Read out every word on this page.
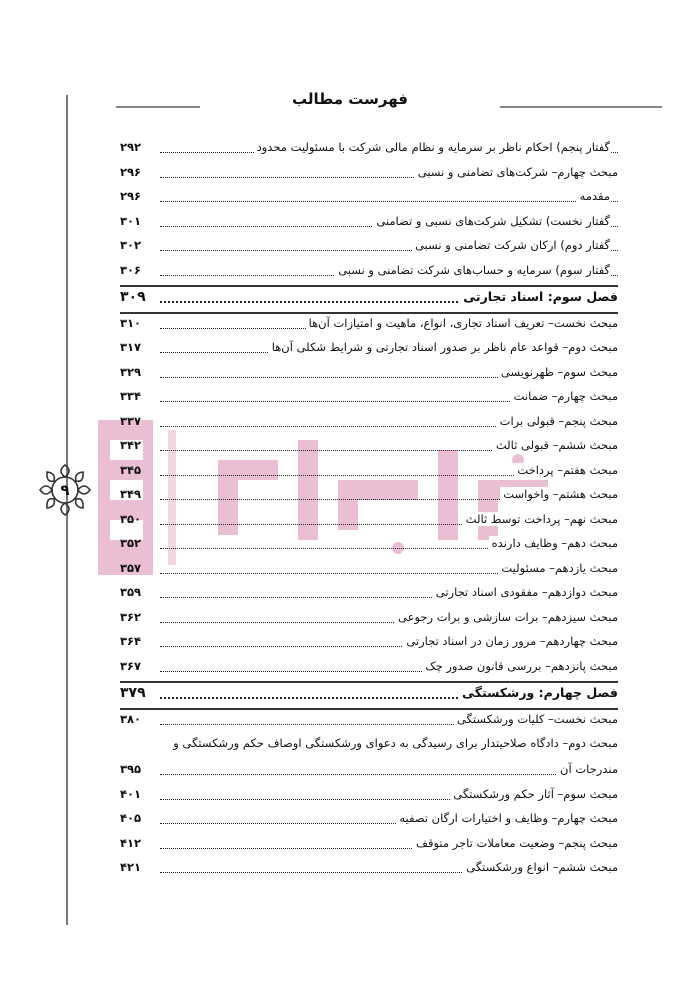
فهرست مطالب
۹
گفتار پنجم) احکام ناظر بر سرمایه و نظام مالی شرکت با مسئولیت محدود
۲۹۲
مبحث چهارم– شرکت‌های تضامنی و نسبی
۲۹۶
مقدمه
۲۹۶
گفتار نخست) تشکیل شرکت‌های نسبی و تضامنی
۳۰۱
گفتار دوم) ارکان شرکت تضامنی و نسبی
۳۰۲
گفتار سوم) سرمایه و حساب‌های شرکت تضامنی و نسبی
۳۰۶
فصل سوم: اسناد تجارتی
۳۰۹
مبحث نخست– تعریف اسناد تجاری، انواع، ماهیت و امتیازات آن‌ها
۳۱۰
مبحث دوم– قواعد عام ناظر بر صدور اسناد تجارتی و شرایط شکلی آن‌ها
۳۱۷
مبحث سوم– ظهرنویسی
۳۲۹
مبحث چهارم– ضمانت
۳۳۴
مبحث پنجم– قبولی برات
۳۳۷
مبحث ششم– قبولی ثالث
۳۴۲
مبحث هفتم– پرداخت
۳۴۵
مبحث هشتم– واخواست
۳۴۹
مبحث نهم– پرداخت توسط ثالث
۳۵۰
مبحث دهم– وظایف دارنده
۳۵۲
مبحث یازدهم– مسئولیت
۳۵۷
مبحث دوازدهم– مفقودی اسناد تجارتی
۳۵۹
مبحث سیزدهم– برات سازشی و برات رجوعی
۳۶۲
مبحث چهاردهم– مرور زمان در اسناد تجارتی
۳۶۴
مبحث پانزدهم– بررسی قانون صدور چک
۳۶۷
فصل چهارم: ورشکستگی
۳۷۹
مبحث نخست– کلیات ورشکستگی
۳۸۰
مبحث دوم– دادگاه صلاحیتدار برای رسیدگی به دعوای ورشکستگی اوصاف حکم ورشکستگی و
مندرجات آن
۳۹۵
مبحث سوم– آثار حکم ورشکستگی
۴۰۱
مبحث چهارم– وظایف و اختیارات ارگان تصفیه
۴۰۵
مبحث پنجم– وضعیت معاملات تاجر متوقف
۴۱۲
مبحث ششم– انواع ورشکستگی
۴۲۱
